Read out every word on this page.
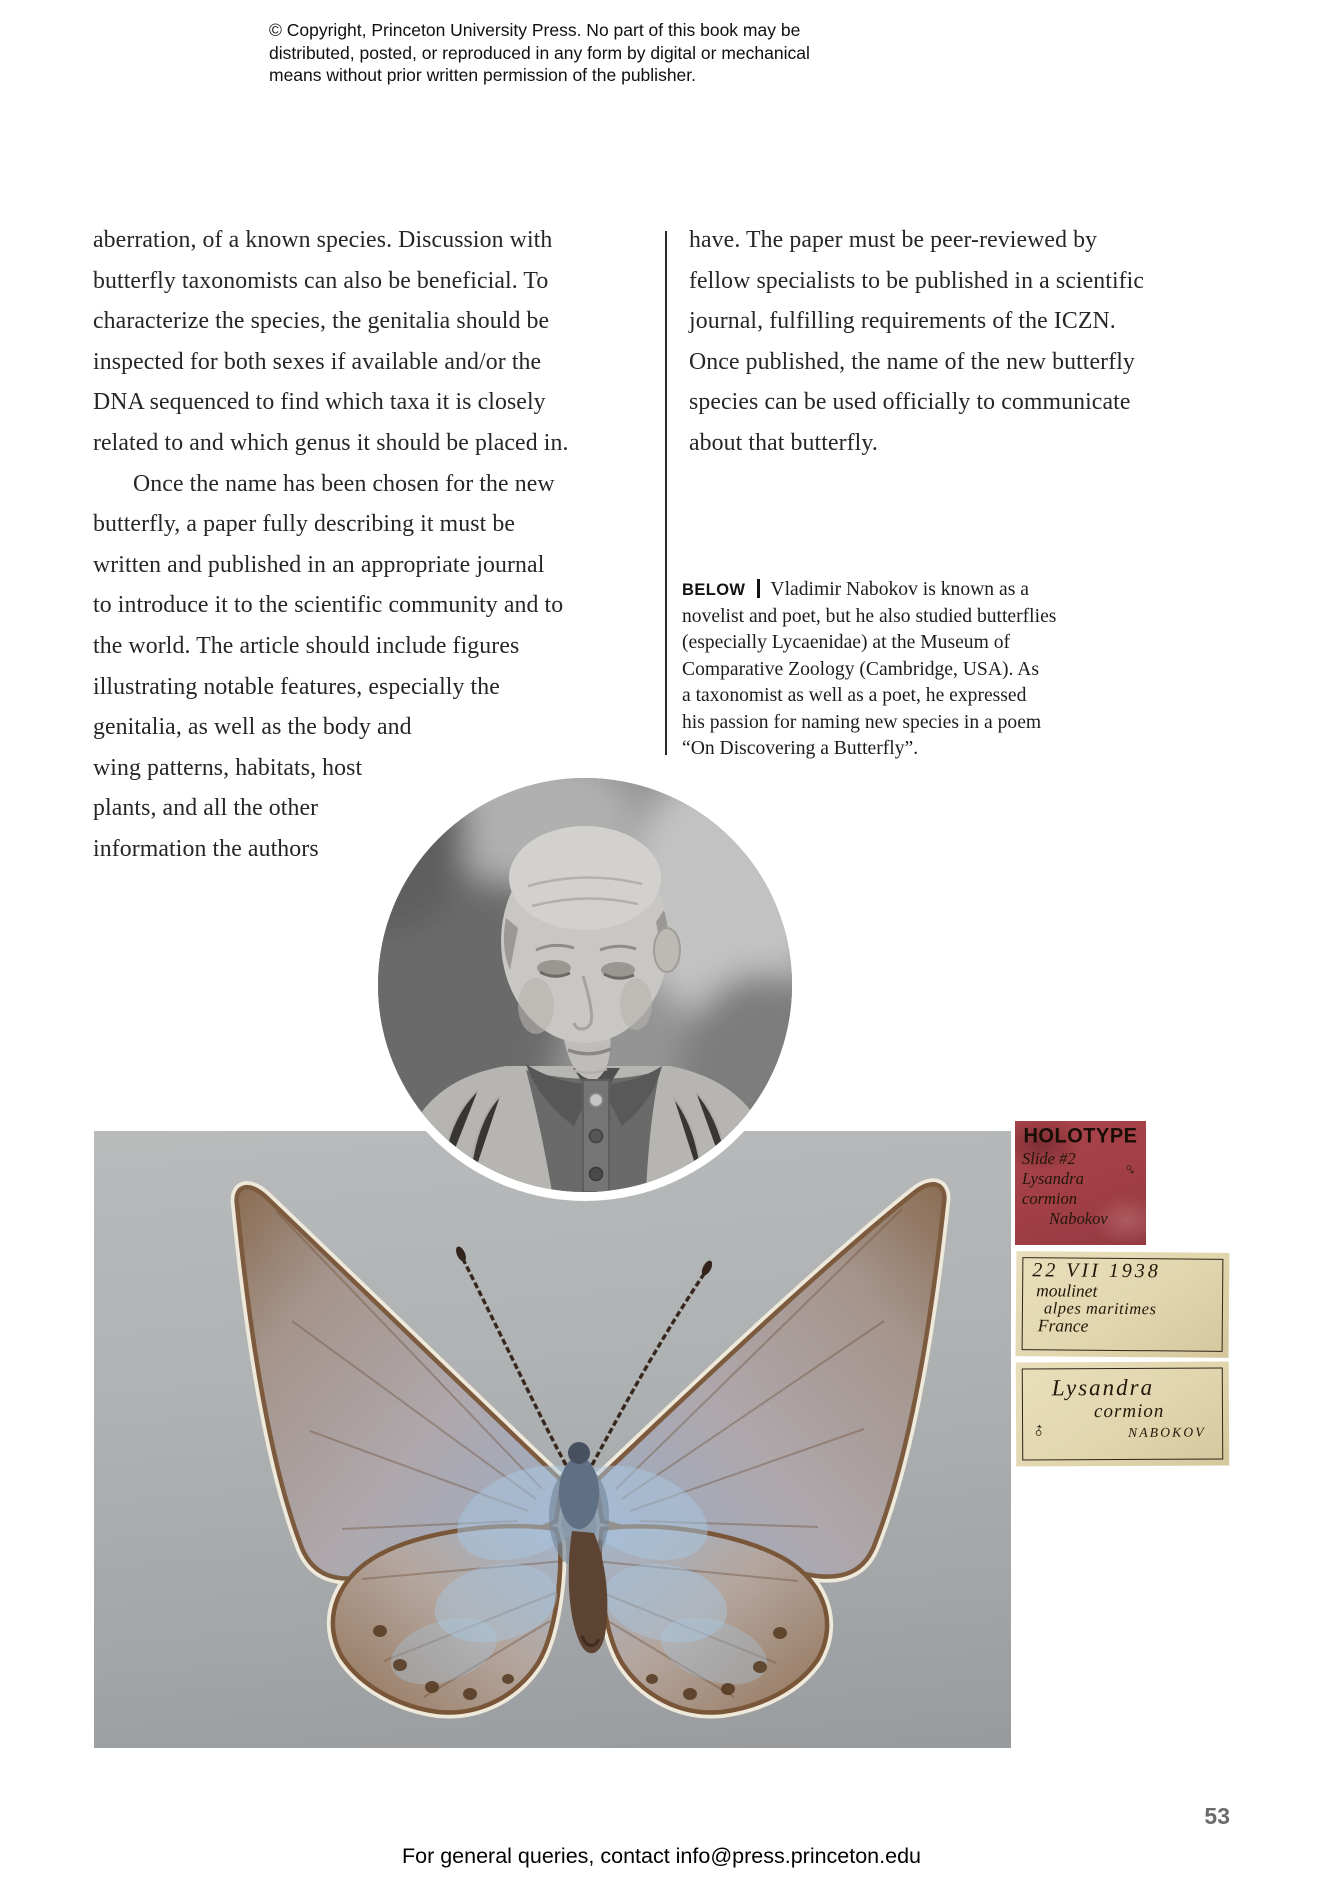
© Copyright, Princeton University Press. No part of this book may be
distributed, posted, or reproduced in any form by digital or mechanical
means without prior written permission of the publisher.
aberration, of a known species. Discussion with
butterfly taxonomists can also be beneficial. To
characterize the species, the genitalia should be
inspected for both sexes if available and/or the
DNA sequenced to find which taxa it is closely
related to and which genus it should be placed in.
Once the name has been chosen for the new
butterfly, a paper fully describing it must be
written and published in an appropriate journal
to introduce it to the scientific community and to
the world. The article should include figures
illustrating notable features, especially the
genitalia, as well as the body and
wing patterns, habitats, host
plants, and all the other
information the authors
have. The paper must be peer-reviewed by
fellow specialists to be published in a scientific
journal, fulfilling requirements of the ICZN.
Once published, the name of the new butterfly
species can be used officially to communicate
about that butterfly.
BELOW Vladimir Nabokov is known as a
novelist and poet, but he also studied butterflies
(especially Lycaenidae) at the Museum of
Comparative Zoology (Cambridge, USA). As
a taxonomist as well as a poet, he expressed
his passion for naming new species in a poem
“On Discovering a Butterfly”.
HOLOTYPE
♂
Slide #2
Lysandra
cormion
Nabokov
22 VII 1938
moulinet
alpes maritimes
France
Lysandra
cormion
♂	NABOKOV
53
For general queries, contact info@press.princeton.edu
